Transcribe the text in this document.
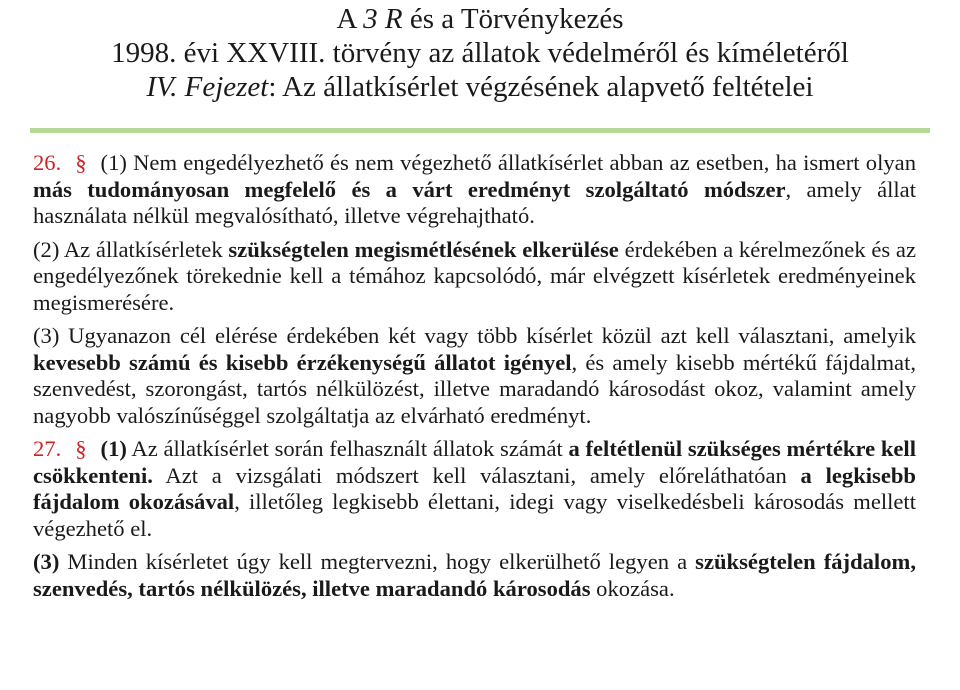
A 3 R és a Törvénykezés
1998. évi XXVIII. törvény az állatok védelméről és kíméletéről
IV. Fejezet: Az állatkísérlet végzésének alapvető feltételei

26. § (1) Nem engedélyezhető és nem végezhető állatkísérlet abban az esetben, ha ismert olyan más tudományosan megfelelő és a várt eredményt szolgáltató módszer, amely állat használata nélkül megvalósítható, illetve végrehajtható.

(2) Az állatkísérletek szükségtelen megismétlésének elkerülése érdekében a kérelmezőnek és az engedélyezőnek törekednie kell a témához kapcsolódó, már elvégzett kísérletek eredményeinek megismerésére.

(3) Ugyanazon cél elérése érdekében két vagy több kísérlet közül azt kell választani, amelyik kevesebb számú és kisebb érzékenységű állatot igényel, és amely kisebb mértékű fájdalmat, szenvedést, szorongást, tartós nélkülözést, illetve maradandó károsodást okoz, valamint amely nagyobb valószínűséggel szolgáltatja az elvárható eredményt.

27. § (1) Az állatkísérlet során felhasznált állatok számát a feltétlenül szükséges mértékre kell csökkenteni. Azt a vizsgálati módszert kell választani, amely előreláthatóan a legkisebb fájdalom okozásával, illetőleg legkisebb élettani, idegi vagy viselkedésbeli károsodás mellett végezhető el.

(3) Minden kísérletet úgy kell megtervezni, hogy elkerülhető legyen a szükségtelen fájdalom, szenvedés, tartós nélkülözés, illetve maradandó károsodás okozása.
